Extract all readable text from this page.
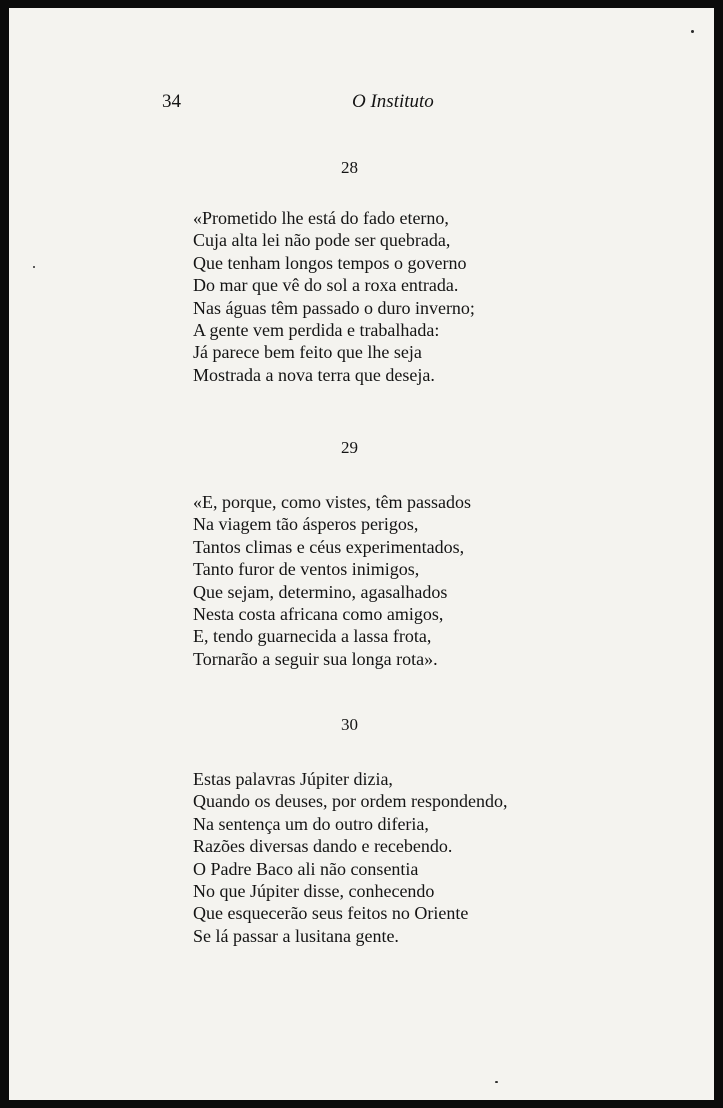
34	O Instituto
28
«Prometido lhe está do fado eterno,
Cuja alta lei não pode ser quebrada,
Que tenham longos tempos o governo
Do mar que vê do sol a roxa entrada.
Nas águas têm passado o duro inverno;
A gente vem perdida e trabalhada:
Já parece bem feito que lhe seja
Mostrada a nova terra que deseja.
29
«E, porque, como vistes, têm passados
Na viagem tão ásperos perigos,
Tantos climas e céus experimentados,
Tanto furor de ventos inimigos,
Que sejam, determino, agasalhados
Nesta costa africana como amigos,
E, tendo guarnecida a lassa frota,
Tornarão a seguir sua longa rota».
30
Estas palavras Júpiter dizia,
Quando os deuses, por ordem respondendo,
Na sentença um do outro diferia,
Razões diversas dando e recebendo.
O Padre Baco ali não consentia
No que Júpiter disse, conhecendo
Que esquecerão seus feitos no Oriente
Se lá passar a lusitana gente.
